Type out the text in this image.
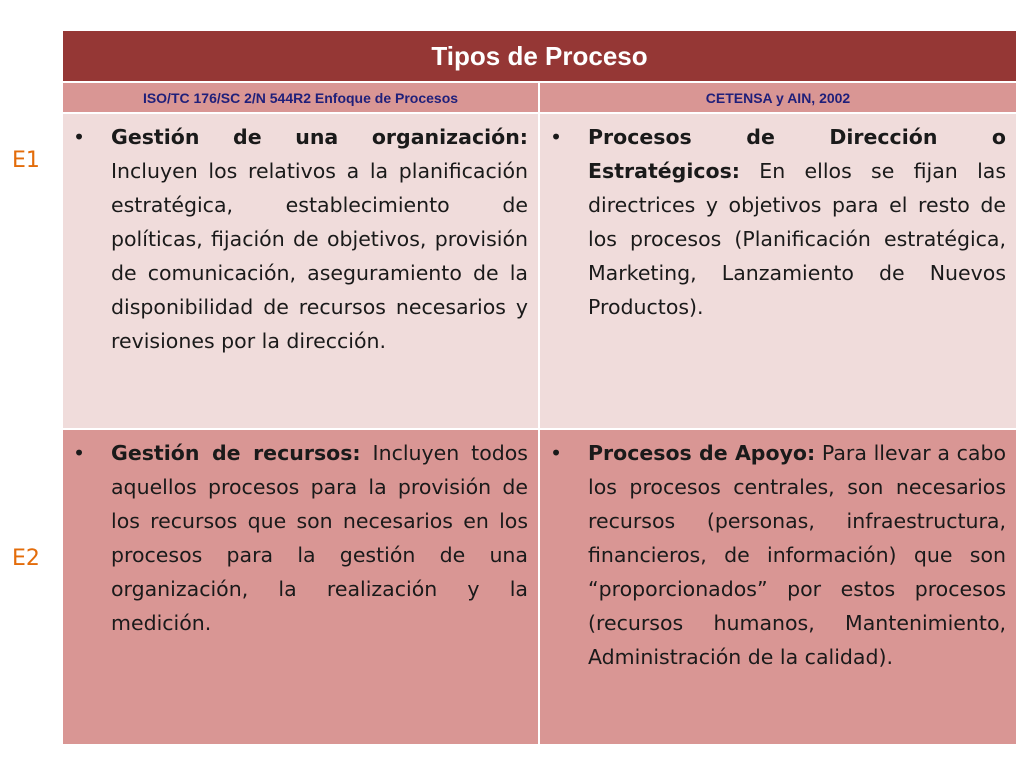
E1
E2
Tipos de Proceso	
ISO/TC 176/SC 2/N 544R2 Enfoque de Procesos	CETENSA y AIN, 2002

• Gestión de una organización: Incluyen los relativos a la planificación estratégica, establecimiento de políticas, fijación de objetivos, provisión de comunicación, aseguramiento de la disponibilidad de recursos necesarios y revisiones por la dirección.	• Procesos de Dirección o Estratégicos: En ellos se fijan las directrices y objetivos para el resto de los procesos (Planificación estratégica, Marketing, Lanzamiento de Nuevos Productos).

• Gestión de recursos: Incluyen todos aquellos procesos para la provisión de los recursos que son necesarios en los procesos para la gestión de una organización, la realización y la medición.	• Procesos de Apoyo: Para llevar a cabo los procesos centrales, son necesarios recursos (personas, infraestructura, financieros, de información) que son “proporcionados” por estos procesos (recursos humanos, Mantenimiento, Administración de la calidad).
